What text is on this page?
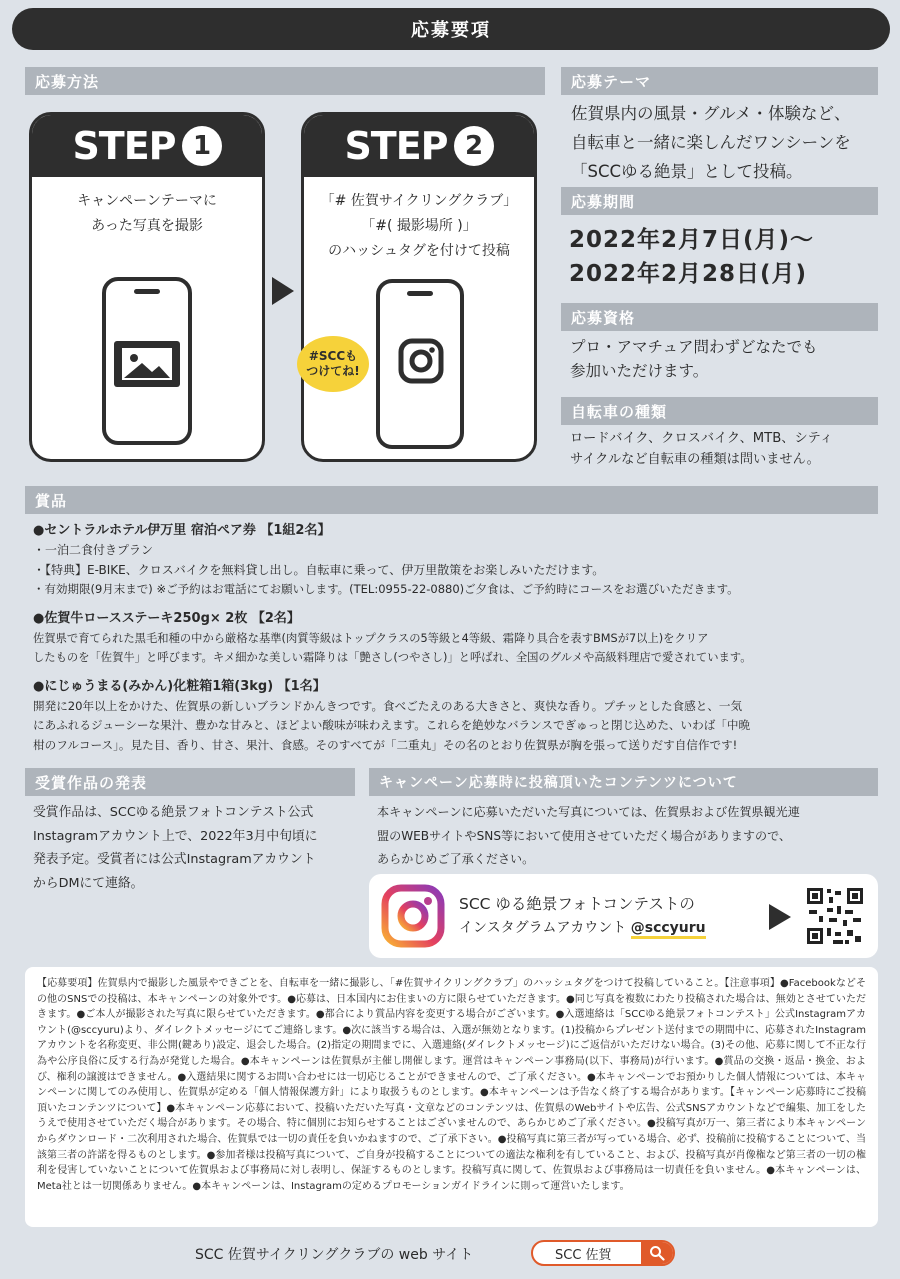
応募要項
応募方法
STEP 1
キャンペーンテーマに
あった写真を撮影
STEP 2
「# 佐賀サイクリングクラブ」
「#( 撮影場所 )」
のハッシュタグを付けて投稿
#SCCも
つけてね!
応募テーマ
佐賀県内の風景・グルメ・体験など、
自転車と一緒に楽しんだワンシーンを
「SCCゆる絶景」として投稿。
応募期間
2022年2月7日(月)〜
2022年2月28日(月)
応募資格
プロ・アマチュア問わずどなたでも
参加いただけます。
自転車の種類
ロードバイク、クロスバイク、MTB、シティ
サイクルなど自転車の種類は問いません。
賞品
●セントラルホテル伊万里 宿泊ペア券 【1組2名】
・一泊二食付きプラン
・【特典】E-BIKE、クロスバイクを無料貸し出し。自転車に乗って、伊万里散策をお楽しみいただけます。
・有効期限(9月末まで) ※ご予約はお電話にてお願いします。(TEL:0955-22-0880)ご夕食は、ご予約時にコースをお選びいただきます。
●佐賀牛ロースステーキ250g× 2枚 【2名】
佐賀県で育てられた黒毛和種の中から厳格な基準(肉質等級はトップクラスの5等級と4等級、霜降り具合を表すBMSが7以上)をクリア
したものを「佐賀牛」と呼びます。キメ細かな美しい霜降りは「艶さし(つやさし)」と呼ばれ、全国のグルメや高級料理店で愛されています。
●にじゅうまる(みかん)化粧箱1箱(3kg) 【1名】
開発に20年以上をかけた、佐賀県の新しいブランドかんきつです。食べごたえのある大きさと、爽快な香り。プチッとした食感と、一気
にあふれるジューシーな果汁、豊かな甘みと、ほどよい酸味が味わえます。これらを絶妙なバランスでぎゅっと閉じ込めた、いわば「中晩
柑のフルコース」。見た目、香り、甘さ、果汁、食感。そのすべてが「二重丸」その名のとおり佐賀県が胸を張って送りだす自信作です!
受賞作品の発表
受賞作品は、SCCゆる絶景フォトコンテスト公式
Instagramアカウント上で、2022年3月中旬頃に
発表予定。受賞者には公式Instagramアカウント
からDMにて連絡。
キャンペーン応募時に投稿頂いたコンテンツについて
本キャンペーンに応募いただいた写真については、佐賀県および佐賀県観光連
盟のWEBサイトやSNS等において使用させていただく場合がありますので、
あらかじめご了承ください。
SCC ゆる絶景フォトコンテストの
インスタグラムアカウント @sccyuru
【応募要項】佐賀県内で撮影した風景やできごとを、自転車を一緒に撮影し、「#佐賀サイクリングクラブ」のハッシュタグをつけて投稿していること。【注意事項】●Facebookなどその他のSNSでの投稿は、本キャンペーンの対象外です。●応募は、日本国内にお住まいの方に限らせていただきます。●同じ写真を複数にわたり投稿された場合は、無効とさせていただきます。●ご本人が撮影された写真に限らせていただきます。●都合により賞品内容を変更する場合がございます。●入選連絡は「SCCゆる絶景フォトコンテスト」公式Instagramアカウント(@sccyuru)より、ダイレクトメッセージにてご連絡します。●次に該当する場合は、入選が無効となります。(1)投稿からプレゼント送付までの期間中に、応募されたInstagramアカウントを名称変更、非公開(鍵あり)設定、退会した場合。(2)指定の期間までに、入選連絡(ダイレクトメッセージ)にご返信がいただけない場合。(3)その他、応募に関して不正な行為や公序良俗に反する行為が発覚した場合。●本キャンペーンは佐賀県が主催し開催します。運営はキャンペーン事務局(以下、事務局)が行います。●賞品の交換・返品・換金、および、権利の譲渡はできません。●入選結果に関するお問い合わせには一切応じることができませんので、ご了承ください。●本キャンペーンでお預かりした個人情報については、本キャンペーンに関してのみ使用し、佐賀県が定める「個人情報保護方針」により取扱うものとします。●本キャンペーンは予告なく終了する場合があります。【キャンペーン応募時にご投稿頂いたコンテンツについて】●本キャンペーン応募において、投稿いただいた写真・文章などのコンテンツは、佐賀県のWebサイトや広告、公式SNSアカウントなどで編集、加工をしたうえで使用させていただく場合があります。その場合、特に個別にお知らせすることはございませんので、あらかじめご了承ください。●投稿写真が万一、第三者により本キャンペーンからダウンロード・二次利用された場合、佐賀県では一切の責任を負いかねますので、ご了承下さい。●投稿写真に第三者が写っている場合、必ず、投稿前に投稿することについて、当該第三者の許諾を得るものとします。●参加者様は投稿写真について、ご自身が投稿することについての適法な権利を有していること、および、投稿写真が肖像権など第三者の一切の権利を侵害していないことについて佐賀県および事務局に対し表明し、保証するものとします。投稿写真に関して、佐賀県および事務局は一切責任を負いません。●本キャンペーンは、Meta社とは一切関係ありません。●本キャンペーンは、Instagramの定めるプロモーションガイドラインに則って運営いたします。
SCC 佐賀サイクリングクラブの web サイト	SCC 佐賀
